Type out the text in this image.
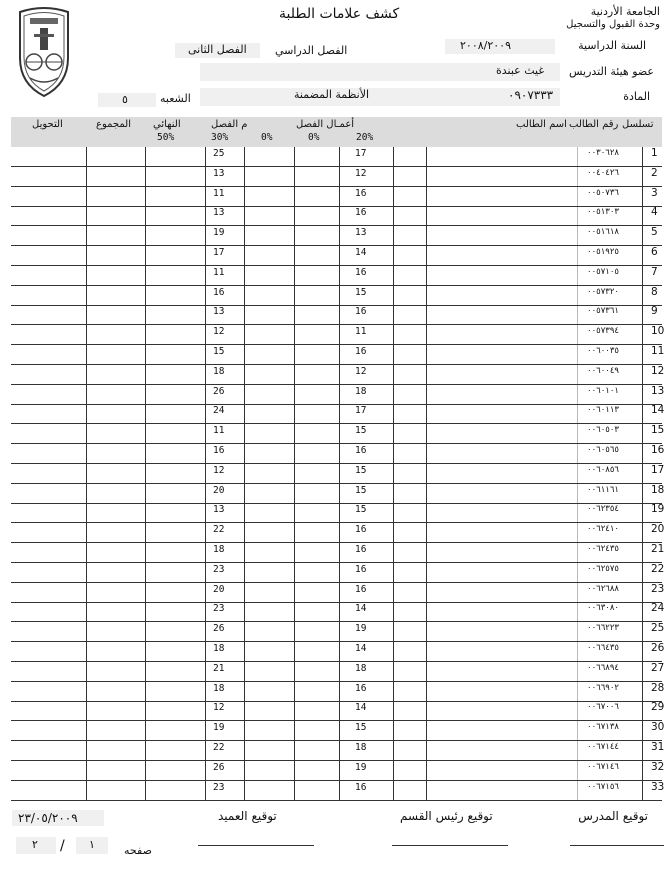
الجامعة الأردنية
وحدة القبول والتسجيل
كشف علامات الطلبة
السنة الدراسية
٢٠٠٨/٢٠٠٩
الفصل الدراسي
الفصل الثانى
عضو هيئة التدريس
غيث عبندة
المادة
٠٩٠٧٣٣٣
الأنظمة المضمنة
الشعبه
٥
تسلسل
رقم الطالب
اسم الطالب
أعمـال الفصل
20%
0%
0%
م الفصل
30%
النهائي
50%
المجموع
التحويل
1
٠٠٣٠٦٢٨
17
25
2
٠٠٤٠٤٢٦
12
13
3
٠٠٥٠٧٣٦
16
11
4
٠٠٥١٣٠٣
16
13
5
٠٠٥١٦١٨
13
19
6
٠٠٥١٩٢٥
14
17
7
٠٠٥٧١٠٥
16
11
8
٠٠٥٧٣٢٠
15
16
9
٠٠٥٧٣٦١
16
13
10
٠٠٥٧٣٩٤
11
12
11
٠٠٦٠٠٣٥
16
15
12
٠٠٦٠٠٤٩
12
18
13
٠٠٦٠١٠١
18
26
14
٠٠٦٠١١٣
17
24
15
٠٠٦٠٥٠٣
15
11
16
٠٠٦٠٥٦٥
16
16
17
٠٠٦٠٨٥٦
15
12
18
٠٠٦١١٦١
15
20
19
٠٠٦٢٣٥٤
15
13
20
٠٠٦٢٤١٠
16
22
21
٠٠٦٢٤٣٥
16
18
22
٠٠٦٢٥٧٥
16
23
23
٠٠٦٢٦٨٨
16
20
24
٠٠٦٣٠٨٠
14
23
25
٠٠٦٦٢٢٣
19
26
26
٠٠٦٦٤٣٥
14
18
27
٠٠٦٦٨٩٤
18
21
28
٠٠٦٦٩٠٢
16
18
29
٠٠٦٧٠٠٦
14
12
30
٠٠٦٧١٣٨
15
19
31
٠٠٦٧١٤٤
18
22
32
٠٠٦٧١٤٦
19
26
33
٠٠٦٧١٥٦
16
23
توقيع المدرس
توقيع رئيس القسم
توقيع العميد
٢٣/٠٥/٢٠٠٩
صفحه
١
/
٢
